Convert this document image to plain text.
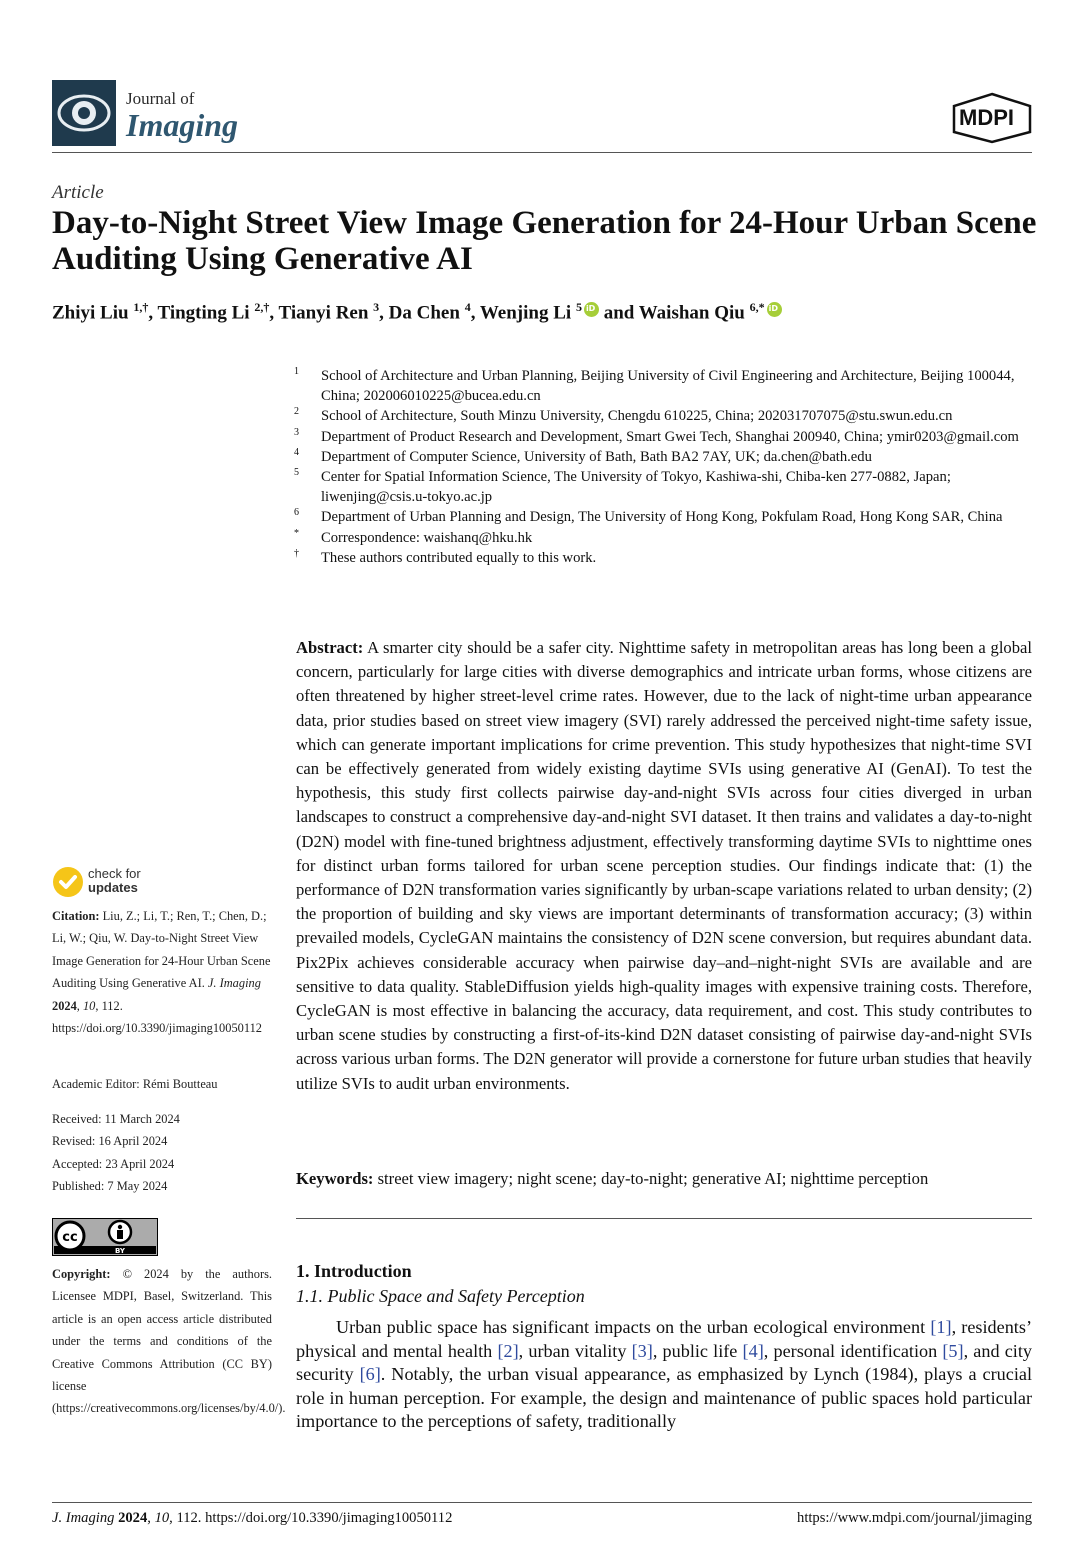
Journal of
Imaging	MDPI
Article
Day-to-Night Street View Image Generation for 24-Hour Urban Scene Auditing Using Generative AI
Zhiyi Liu $^{1,\dagger}$, Tingting Li $^{2,\dagger}$, Tianyi Ren $^3$, Da Chen $^4$, Wenjing Li $^5$iD and Waishan Qiu $^{6,*}$iD
1 School of Architecture and Urban Planning, Beijing University of Civil Engineering and Architecture, Beijing 100044, China; 202006010225@bucea.edu.cn
2 School of Architecture, South Minzu University, Chengdu 610225, China; 202031707075@stu.swun.edu.cn
3 Department of Product Research and Development, Smart Gwei Tech, Shanghai 200940, China; ymir0203@gmail.com
4 Department of Computer Science, University of Bath, Bath BA2 7AY, UK; da.chen@bath.edu
5 Center for Spatial Information Science, The University of Tokyo, Kashiwa-shi, Chiba-ken 277-0882, Japan; liwenjing@csis.u-tokyo.ac.jp
6 Department of Urban Planning and Design, The University of Hong Kong, Pokfulam Road, Hong Kong SAR, China
* Correspondence: waishanq@hku.hk
† These authors contributed equally to this work.

Abstract: A smarter city should be a safer city. Nighttime safety in metropolitan areas has long been a global concern, particularly for large cities with diverse demographics and intricate urban forms, whose citizens are often threatened by higher street-level crime rates. However, due to the lack of night-time urban appearance data, prior studies based on street view imagery (SVI) rarely addressed the perceived night-time safety issue, which can generate important implications for crime prevention. This study hypothesizes that night-time SVI can be effectively generated from widely existing daytime SVIs using generative AI (GenAI). To test the hypothesis, this study first collects pairwise day-and-night SVIs across four cities diverged in urban landscapes to construct a comprehensive day-and-night SVI dataset. It then trains and validates a day-to-night (D2N) model with fine-tuned brightness adjustment, effectively transforming daytime SVIs to nighttime ones for distinct urban forms tailored for urban scene perception studies. Our findings indicate that: (1) the performance of D2N transformation varies significantly by urban-scape variations related to urban density; (2) the proportion of building and sky views are important determinants of transformation accuracy; (3) within prevailed models, CycleGAN maintains the consistency of D2N scene conversion, but requires abundant data. Pix2Pix achieves considerable accuracy when pairwise day–and–night-night SVIs are available and are sensitive to data quality. StableDiffusion yields high-quality images with expensive training costs. Therefore, CycleGAN is most effective in balancing the accuracy, data requirement, and cost. This study contributes to urban scene studies by constructing a first-of-its-kind D2N dataset consisting of pairwise day-and-night SVIs across various urban forms. The D2N generator will provide a cornerstone for future urban studies that heavily utilize SVIs to audit urban environments.

Keywords: street view imagery; night scene; day-to-night; generative AI; nighttime perception

1. Introduction
1.1. Public Space and Safety Perception

Urban public space has significant impacts on the urban ecological environment [1], residents’ physical and mental health [2], urban vitality [3], public life [4], personal identification [5], and city security [6]. Notably, the urban visual appearance, as emphasized by Lynch (1984), plays a crucial role in human perception. For example, the design and maintenance of public spaces hold particular importance to the perceptions of safety, traditionally

check for
updates

Citation: Liu, Z.; Li, T.; Ren, T.; Chen, D.; Li, W.; Qiu, W. Day-to-Night Street View Image Generation for 24-Hour Urban Scene Auditing Using Generative AI. J. Imaging 2024, 10, 112. https://doi.org/10.3390/jimaging10050112

Academic Editor: Rémi Boutteau

Received: 11 March 2024
Revised: 16 April 2024
Accepted: 23 April 2024
Published: 7 May 2024
cc
BY

Copyright: © 2024 by the authors. Licensee MDPI, Basel, Switzerland. This article is an open access article distributed under the terms and conditions of the Creative Commons Attribution (CC BY) license (https://creativecommons.org/licenses/by/4.0/).

J. Imaging 2024, 10, 112. https://doi.org/10.3390/jimaging10050112	https://www.mdpi.com/journal/jimaging
